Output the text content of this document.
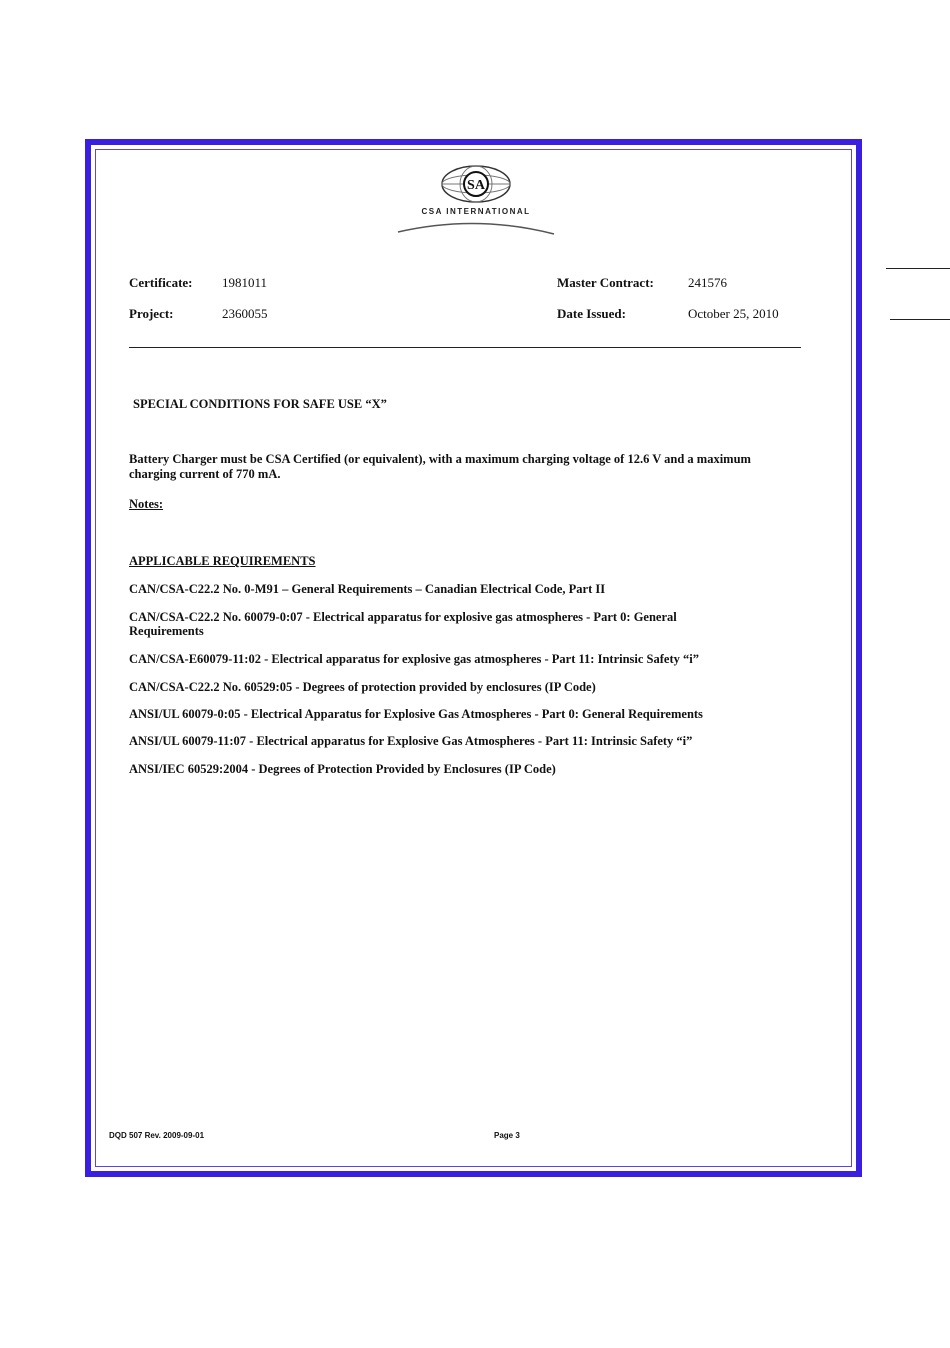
SA
CSA INTERNATIONAL
Certificate: 1981011
Project:	2360055
Master Contract:	241576
Date Issued:	October 25, 2010
SPECIAL CONDITIONS FOR SAFE USE “X”
Battery Charger must be CSA Certified (or equivalent), with a maximum charging voltage of 12.6 V and a maximum charging current of 770 mA.
Notes:
APPLICABLE REQUIREMENTS
CAN/CSA-C22.2 No. 0-M91 – General Requirements – Canadian Electrical Code, Part II
CAN/CSA-C22.2 No. 60079-0:07 - Electrical apparatus for explosive gas atmospheres - Part 0: General Requirements
CAN/CSA-E60079-11:02 - Electrical apparatus for explosive gas atmospheres - Part 11: Intrinsic Safety “i”
CAN/CSA-C22.2 No. 60529:05 - Degrees of protection provided by enclosures (IP Code)
ANSI/UL 60079-0:05 - Electrical Apparatus for Explosive Gas Atmospheres - Part 0: General Requirements
ANSI/UL 60079-11:07 - Electrical apparatus for Explosive Gas Atmospheres - Part 11: Intrinsic Safety “i”
ANSI/IEC 60529:2004 - Degrees of Protection Provided by Enclosures (IP Code)
DQD 507 Rev. 2009-09-01	Page 3
